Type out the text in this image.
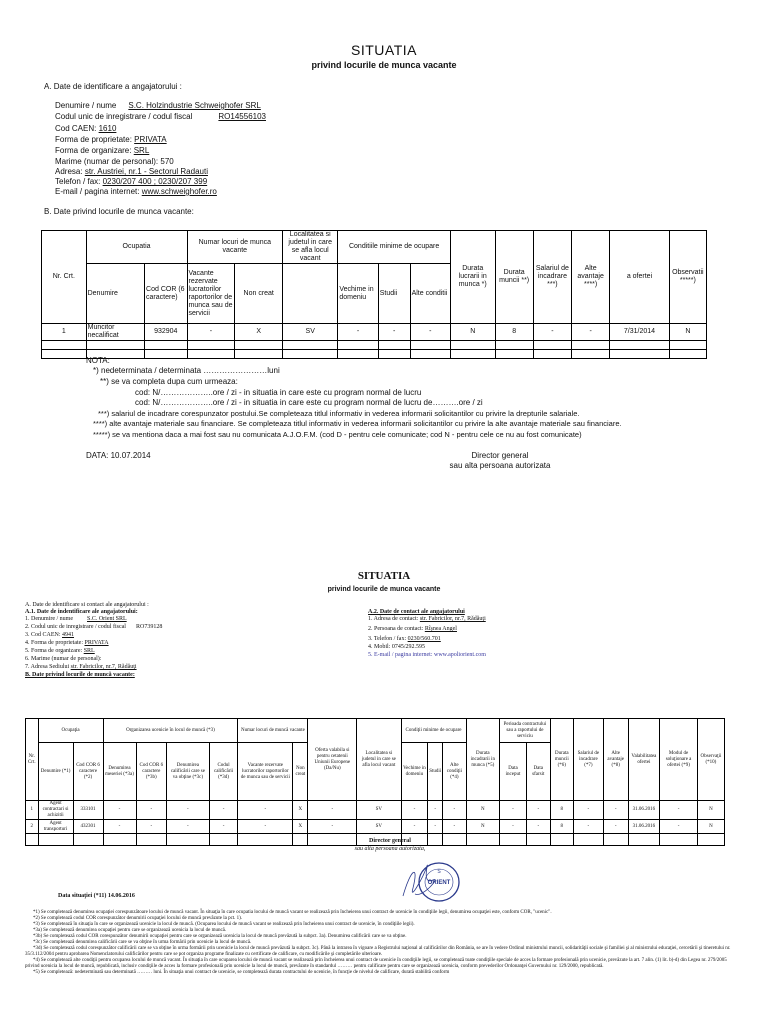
SITUATIA
privind locurile de munca vacante
A. Date de identificare a angajatorului :
Denumire / nume S.C. Holzindustrie Schweighofer SRL
Codul unic de inregistrare / codul fiscal	RO14556103
Cod CAEN: 1610
Forma de proprietate: PRIVATA
Forma de organizare: SRL
Marime (numar de personal): 570
Adresa: str. Austriei, nr.1 - Sectorul Radauti
Telefon / fax: 0230/207 400 ; 0230/207 399
E-mail / pagina internet: www.schweighofer.ro
B. Date privind locurile de munca vacante:
Nr. Crt.	Ocupatia		Numar locuri de munca vacante		Localitatea si judetul in care se afla locul vacant	Conditiile minime de ocupare			Durata lucrarii in munca *)	Durata muncii **)	Salariul de incadrare ***)	Alte avantaje ****)	a ofertei	Observatii *****)
	Denumire	Cod COR (6 caractere)	Vacante rezervate lucratorilor raportorilor de munca sau de servicii	Non creat		Vechime in domeniu	Studii	Alte conditii						
1	Muncitor necalificat	932904	-	X	SV	-	-	-	N	8	-	-	7/31/2014	N

NOTA:
*) nedeterminata / determinata ……………………luni
**) se va completa dupa cum urmeaza:
cod: N/………………..ore / zi - in situatia in care este cu program normal de lucru
cod: N/………………..ore / zi - in situatia in care este cu program normal de lucru de……….ore / zi
***) salariul de incadrare corespunzator postului.Se completeaza titlul informativ in vederea informarii solicitantilor cu privire la drepturile salariale.
****) alte avantaje materiale sau financiare. Se completeaza titlul informativ in vederea informarii solicitantilor cu privire la alte avantaje materiale sau financiare.
*****) se va mentiona daca a mai fost sau nu comunicata A.J.O.F.M. (cod D - pentru cele comunicate; cod N - pentru cele ce nu au fost comunicate)
DATA: 10.07.2014	Director general
sau alta persoana autorizata
SITUATIA
privind locurile de munca vacante
A. Date de identificare si contact ale angajatorului :
A.1. Date de indentificare ale angajatorului:
1. Denumire / nume S.C. Orient SRL
2. Codul unic de inregistrare / codul fiscal RO739128
3. Cod CAEN: 4941
4. Forma de proprietate: PRIVATA
5. Forma de organizare: SRL
6. Marime (numar de personal):
7. Adresa Sediului str. Fabricilor, nr.7, Rădăuţi
B. Date privind locurile de muncă vacante:
A.2. Date de contact ale angajatorului
1. Adresa de contact: str. Fabricilor, nr.7, Rădăuţi
2. Persoana de contact: Rîşnea Angel
3. Telefon / fax: 0230/560.701
4. Mobil: 0745/292.595
5. E-mail / pagina internet: www.apoliorient.com
Nr. Crt.	Ocupaţia		Organizarea ucenicie în locul de muncă (*3)				Numar locuri de muncă vacante		Oferta valabila si pentru cetatenii Uniunii Europene (Da/Nu)	Localitatea si judetul in care se afla locul vacant	Condiţii minime de ocupare			Durata incadrarii in munca (*5)	Perioada contractului sau a raportului de serviciu		Durata muncii (*6)	Salariul de incadrare (*7)	Alte avantaje (*8)	Valabilitatea ofertei	Modul de soluţionare a ofertei (*9)	Observaţii (*10)

	Denumire (*1)	Cod COR 6 caractere (*2)	Denumirea meseriei (*3a)	Cod COR 6 caractere (*3b)	Denumirea calificării care se va obţine (*3c)	Codul calificării (*3d)	Vacante rezervate lucratorilor raportorilor de munca sau de servicii	Non creat			Vechime in domeniu	Studii	Alte condiţii (*4)		Data inceput	Data sfarsit						
1	Agent contractari si achizitii	333101	-	-	-	-	-	X	-	SV	-	-	-	N	-	-	8	-	-	31.06.2016	-	N
2	Agent transporturi	432301	-	-	-	-	-	X	-	SV	-	-	-	N	-	-	8	-	-	31.06.2016	-	N

Director general
sau alta persoana autorizata,
ORIENT
S
Data situaţiei (*11) 14.06.2016
*1) Se completează denumirea ocupaţiei corespunzătoare locului de muncă vacant. În situaţia în care ocupatia locului de muncă vacant se realizează prin încheierea unui contract de ucenicie în condiţiile legii, denumirea ocupaţiei este, conform COR, "ucenic".
*2) Se completează codul COR corespunzător denumirii ocupaţiei locului de muncă prevăzute la pct. 1).
*3) Se completează în situaţia în care se organizează ucenicie la locul de muncă. (Ocuparea locului de muncă vacant se realizează prin încheierea unui contract de ucenicie, în condiţiile legii).
*3a) Se completează denumirea ocupaţiei pentru care se organizează ucenicia la locul de muncă.
*3b) Se completează codul COR corespunzător denumirii ocupaţiei pentru care se organizează ucenicia la locul de muncă prevăzută la subpct. 3a). Denumirea calificării care se va obţine.
*3c) Se completează denumirea calificării care se va obţine în urma formării prin ucenicie la locul de muncă.
*3d) Se completează codul corespunzător calificării care se va obţine în urma formării prin ucenicie la locul de muncă prevăzută la subpct. 3c). Până la intrarea în vigoare a Registrului naţional al calificărilor din România, se are în vedere Ordinul ministrului muncii, solidarităţii sociale şi familiei şi al ministrului educaţiei, cercetării şi tineretului nr. 35/3.112/2004 pentru aprobarea Nomenclatorului calificărilor pentru care se pot organiza programe finalizate cu certificate de calificare, cu modificările şi completările ulterioare.
*4) Se completează alte condiţii pentru ocuparea locului de muncă vacant. În situaţia în care ocuparea locului de muncă vacant se realizează prin încheierea unui contract de ucenicie în condiţiile legii, se completează toate condiţiile speciale de acces la formare profesională prin ucenicie, prevăzute la art. 7 alin. (1) lit. b)-d) din Legea nr. 279/2005 privind ucenicia la locul de muncă, republicată, inclusiv condiţiile de acces la formare profesională prin ucenicie la locul de muncă, prevăzute în standardul ……… pentru calificare pentru care se organizează ucenicia, conform prevederilor Ordonanţei Guvernului nr. 129/2000, republicată.
*5) Se completează: nedeterminată sau determinată ……… luni. În situaţia unui contract de ucenicie, se completează durata contractului de ucenicie, în funcţie de nivelul de calificare, durată stabilită conform
